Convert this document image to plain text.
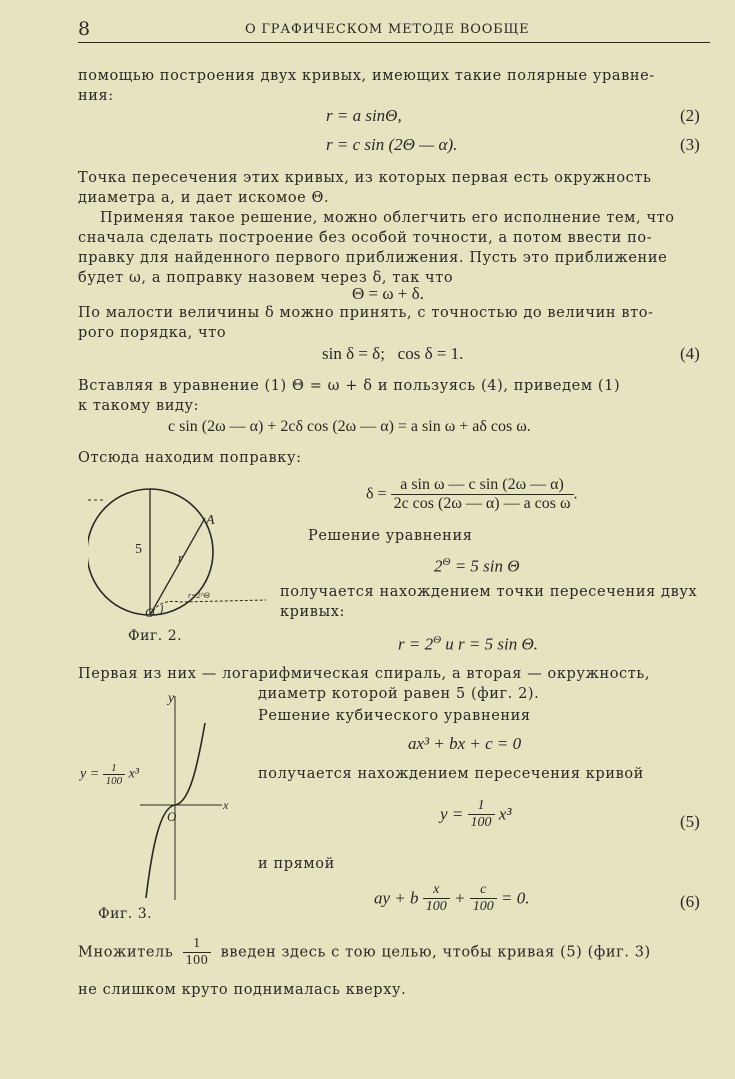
8	О ГРАФИЧЕСКОМ МЕТОДЕ ВООБЩЕ
помощью построения двух кривых, имеющих такие полярные уравне-
ния:
r = a sinΘ,	(2)
r = c sin (2Θ — α).	(3)
Точка пересечения этих кривых, из которых первая есть окружность
диаметра a, и дает искомое Θ.
Применяя такое решение, можно облегчить его исполнение тем, что
сначала сделать построение без особой точности, а потом ввести по-
правку для найденного первого приближения. Пусть это приближение
будет ω, а поправку назовем через δ, так что
Θ = ω + δ.
По малости величины δ можно принять, с точностью до величин вто-
рого порядка, что
sin δ = δ;   cos δ = 1.	(4)
Вставляя в уравнение (1) Θ = ω + δ и пользуясь (4), приведем (1)
к такому виду:
c sin (2ω — α) + 2cδ cos (2ω — α) = a sin ω + aδ cos ω.
Отсюда находим поправку:
$\delta = \frac{\text{a sin ω — c sin (2ω — α)}}{\text{2c cos (2ω — α) — a cos ω}}$ .
5
A
r
O
r=2^Θ
Фиг. 2.
Решение уравнения
$2^\Theta = 5$ sin Θ
получается нахождением точки пересечения двух
кривых:
$r = 2^\Theta$ и r = 5 sin Θ.
Первая из них — логарифмическая спираль, а вторая — окружность,
диаметр которой равен 5 (фиг. 2).
Решение кубического уравнения
ax³ + bx + c = 0
получается нахождением пересечения кривой
$y = \frac{1}{100} x^3$	(5)
и прямой
ay + b $\frac{x}{100} + \frac{c}{100} = 0$.	(6)
y
x
O
$y = \frac{1}{100} x^3$
Фиг. 3.
Множитель $\frac{1}{100}$ введен здесь с тою целью, чтобы кривая (5) (фиг. 3)
не слишком круто поднималась кверху.
